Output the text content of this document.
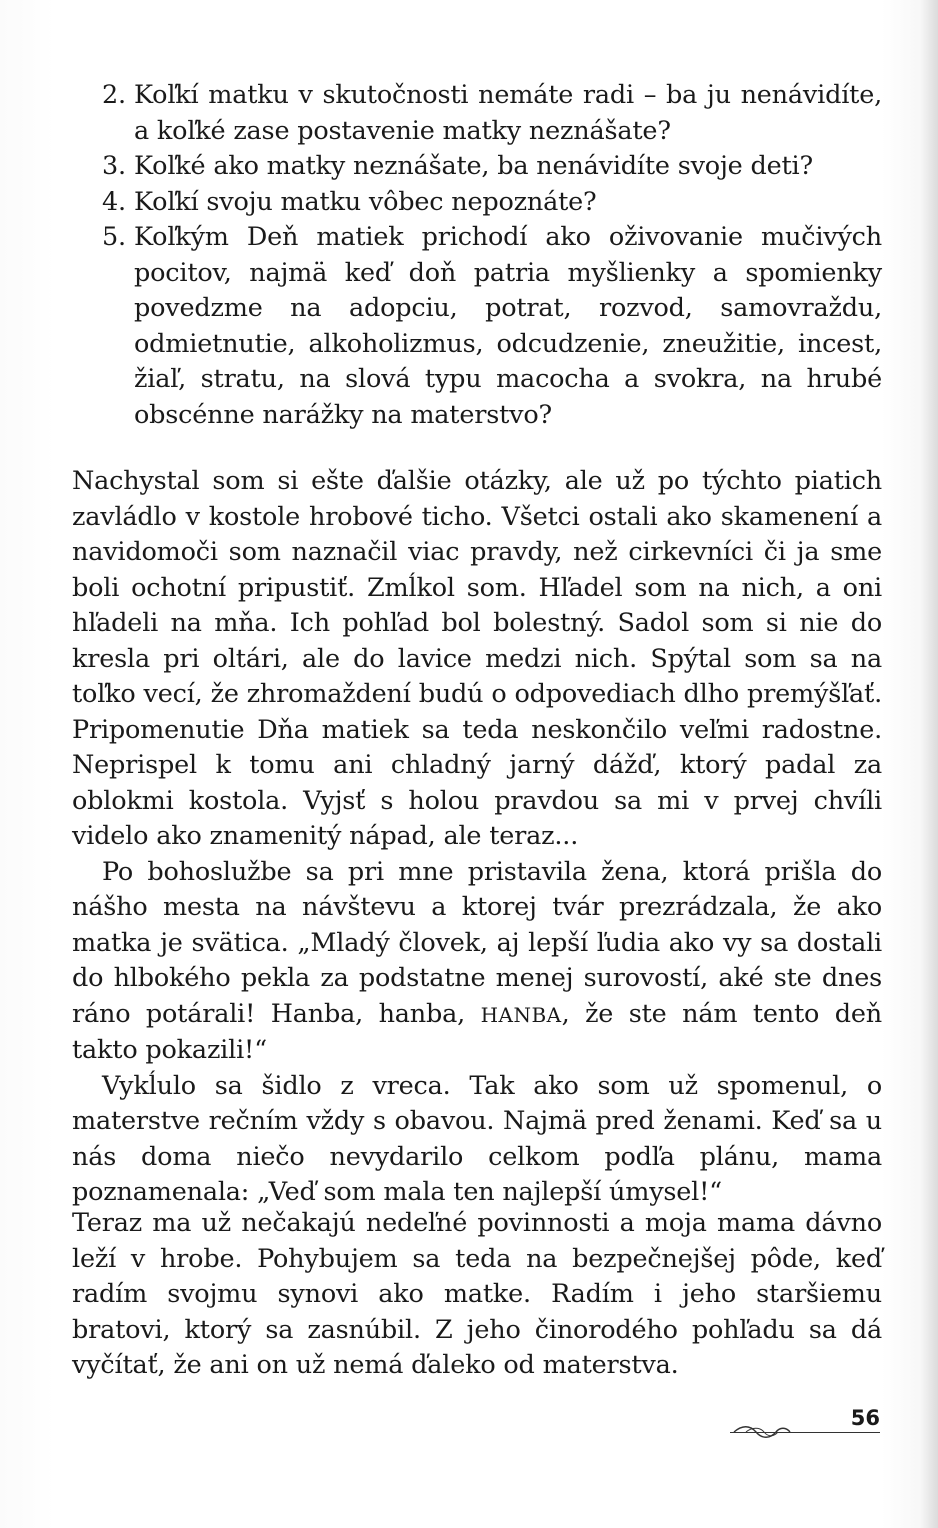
2. Koľkí matku v skutočnosti nemáte radi – ba ju nenávidíte, a koľké zase postavenie matky neznášate?
3. Koľké ako matky neznášate, ba nenávidíte svoje deti?
4. Koľkí svoju matku vôbec nepoznáte?
5. Koľkým Deň matiek prichodí ako oživovanie mučivých pocitov, najmä keď doň patria myšlienky a spomienky povedzme na adopciu, potrat, rozvod, samovraždu, odmietnutie, alkoholizmus, odcudzenie, zneužitie, incest, žiaľ, stratu, na slová typu macocha a svokra, na hrubé obscénne narážky na materstvo?

Nachystal som si ešte ďalšie otázky, ale už po týchto piatich zavládlo v kostole hrobové ticho. Všetci ostali ako skamenení a navidomoči som naznačil viac pravdy, než cirkevníci či ja sme boli ochotní pripustiť. Zmĺkol som. Hľadel som na nich, a oni hľadeli na mňa. Ich pohľad bol bolestný. Sadol som si nie do kresla pri oltári, ale do lavice medzi nich. Spýtal som sa na toľko vecí, že zhromaždení budú o odpovediach dlho premýšľať. Pripomenutie Dňa matiek sa teda neskončilo veľmi radostne. Neprispel k tomu ani chladný jarný dážď, ktorý padal za oblokmi kostola. Vyjsť s holou pravdou sa mi v prvej chvíli videlo ako znamenitý nápad, ale teraz...

Po bohoslužbe sa pri mne pristavila žena, ktorá prišla do nášho mesta na návštevu a ktorej tvár prezrádzala, že ako matka je svätica. „Mladý človek, aj lepší ľudia ako vy sa dostali do hlbokého pekla za podstatne menej surovostí, aké ste dnes ráno potárali! Hanba, hanba, HANBA, že ste nám tento deň takto pokazili!“

Vykĺulo sa šidlo z vreca. Tak ako som už spomenul, o materstve rečním vždy s obavou. Najmä pred ženami. Keď sa u nás doma niečo nevydarilo celkom podľa plánu, mama poznamenala: „Veď som mala ten najlepší úmysel!“

Teraz ma už nečakajú nedeľné povinnosti a moja mama dávno leží v hrobe. Pohybujem sa teda na bezpečnejšej pôde, keď radím svojmu synovi ako matke. Radím i jeho staršiemu bratovi, ktorý sa zasnúbil. Z jeho činorodého pohľadu sa dá vyčítať, že ani on už nemá ďaleko od materstva.

56
